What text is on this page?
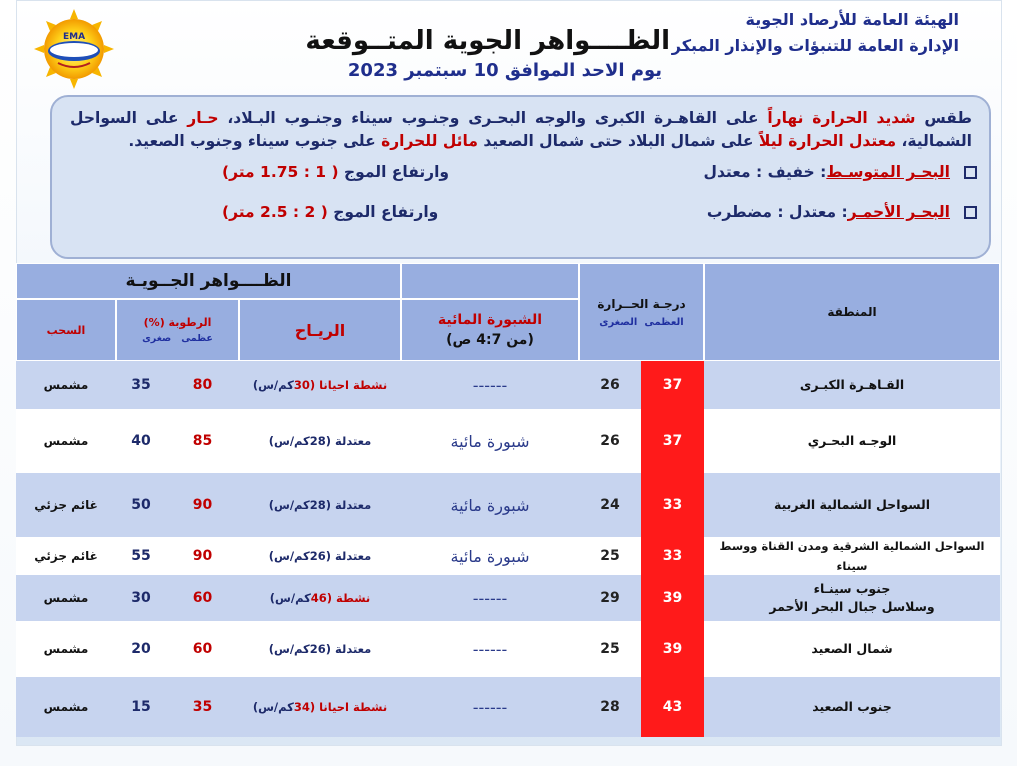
EMA
الهيئة العامة للأرصاد الجوية
الإدارة العامة للتنبؤات والإنذار المبكر
الظــــواهر الجوية المتــوقعة
يوم الاحد الموافق 10 سبتمبر 2023
طقس شديد الحرارة نهاراً على القاهـرة الكبرى والوجه البحـرى وجنـوب سيناء وجنـوب البـلاد، حـار على السواحل الشمالية، معتدل الحرارة ليلاً على شمال البلاد حتى شمال الصعيد مائل للحرارة على جنوب سيناء وجنوب الصعيد.
البحـر المتوسـط: خفيف : معتدل
وارتفاع الموج ( 1 : 1.75 متر)
البحـر الأحمـر: معتدل : مضطرب
وارتفاع الموج ( 2 : 2.5 متر)
المنطقة
درجـة الحــرارة
العظمى  الصغرى
الظــــواهر الجــويـة
الشبورة المائية
(من 4:7 ص)
الريـاح
الرطوبة (%)
عظمى   صغرى
السحب
القـاهـرة الكبـرى
37
26
------
نشطة احيانا (
30
كم/س)
80
35
مشمس
الوجـه البحـري
37
26
شبورة مائية
معتدلة (
28
كم/س)
85
40
مشمس
السواحل الشمالية الغربية
33
24
شبورة مائية
معتدلة (
28
كم/س)
90
50
غائم جزئي
السواحل الشمالية الشرقية ومدن القناة ووسط سيناء
33
25
شبورة مائية
معتدلة (
26
كم/س)
90
55
غائم جزئي
جنوب سينـاء
وسلاسل جبال البحر الأحمر
39
29
------
نشطة (
46
كم/س)
60
30
مشمس
شمال الصعيد
39
25
------
معتدلة (
26
كم/س)
60
20
مشمس
جنوب الصعيد
43
28
------
نشطة احيانا (
34
كم/س)
35
15
مشمس
